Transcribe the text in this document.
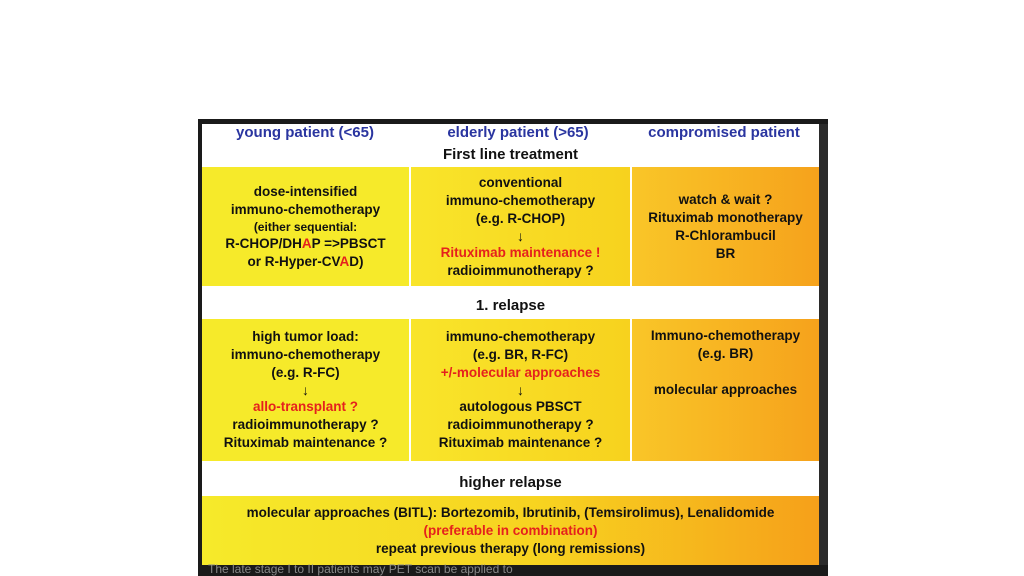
young patient (<65)	elderly patient (>65)	compromised patient
First line treatment
dose-intensified
immuno-chemotherapy
(either sequential:
R-CHOP/DHAP =>PBSCT
or R-Hyper-CVAD)
conventional
immuno-chemotherapy
(e.g. R-CHOP)
↓
Rituximab maintenance !
radioimmunotherapy ?
watch & wait ?
Rituximab monotherapy
R-Chlorambucil
BR
1. relapse
high tumor load:
immuno-chemotherapy
(e.g. R-FC)
↓
allo-transplant ?
radioimmunotherapy ?
Rituximab maintenance ?
immuno-chemotherapy
(e.g. BR, R-FC)
+/-molecular approaches
↓
autologous PBSCT
radioimmunotherapy ?
Rituximab maintenance ?
Immuno-chemotherapy
(e.g. BR)
molecular approaches
higher relapse
molecular approaches (BITL): Bortezomib, Ibrutinib, (Temsirolimus), Lenalidomide
(preferable in combination)
repeat previous therapy (long remissions)
The late stage I to II patients may PET scan be applied to
